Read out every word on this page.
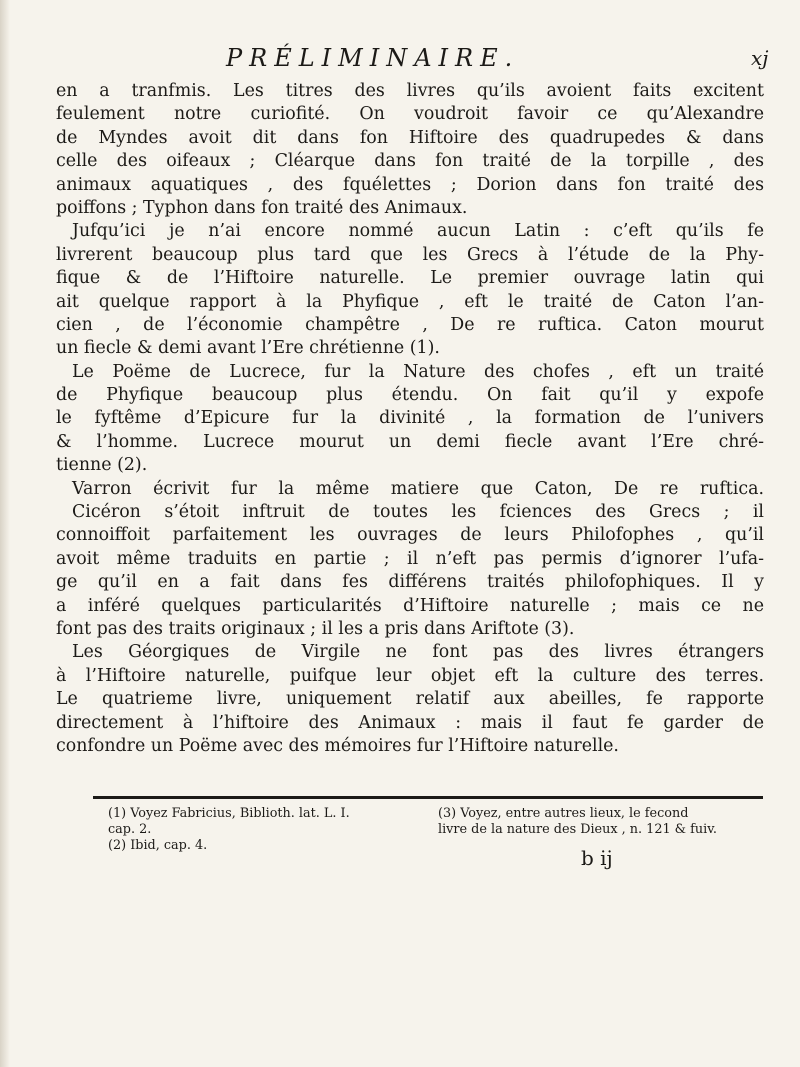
PRÉLIMINAIRE.	xj
en a tranfmis. Les titres des livres qu’ils avoient faits excitent
feulement notre curiofité. On voudroit favoir ce qu’Alexandre
de Myndes avoit dit dans fon Hiftoire des quadrupedes & dans
celle des oifeaux ; Cléarque dans fon traité de la torpille , des
animaux aquatiques , des fquélettes ; Dorion dans fon traité des
poiffons ; Typhon dans fon traité des Animaux.
Jufqu’ici je n’ai encore nommé aucun Latin : c’eft qu’ils fe
livrerent beaucoup plus tard que les Grecs à l’étude de la Phy-
fique & de l’Hiftoire naturelle. Le premier ouvrage latin qui
ait quelque rapport à la Phyfique , eft le traité de Caton l’an-
cien , de l’économie champêtre , De re ruftica. Caton mourut
un fiecle & demi avant l’Ere chrétienne (1).
Le Poëme de Lucrece, fur la Nature des chofes , eft un traité
de Phyfique beaucoup plus étendu. On fait qu’il y expofe
le fyftême d’Epicure fur la divinité , la formation de l’univers
& l’homme. Lucrece mourut un demi fiecle avant l’Ere chré-
tienne (2).
Varron écrivit fur la même matiere que Caton, De re ruftica.
Cicéron s’étoit inftruit de toutes les fciences des Grecs ; il
connoiffoit parfaitement les ouvrages de leurs Philofophes , qu’il
avoit même traduits en partie ; il n’eft pas permis d’ignorer l’ufa-
ge qu’il en a fait dans fes différens traités philofophiques. Il y
a inféré quelques particularités d’Hiftoire naturelle ; mais ce ne
font pas des traits originaux ; il les a pris dans Ariftote (3).
Les Géorgiques de Virgile ne font pas des livres étrangers
à l’Hiftoire naturelle, puifque leur objet eft la culture des terres.
Le quatrieme livre, uniquement relatif aux abeilles, fe rapporte
directement à l’hiftoire des Animaux : mais il faut fe garder de
confondre un Poëme avec des mémoires fur l’Hiftoire naturelle.
(1) Voyez Fabricius, Biblioth. lat. L. I.
cap. 2.
(2) Ibid, cap. 4.
(3) Voyez, entre autres lieux, le fecond
livre de la nature des Dieux , n. 121 & fuiv.
b ij
